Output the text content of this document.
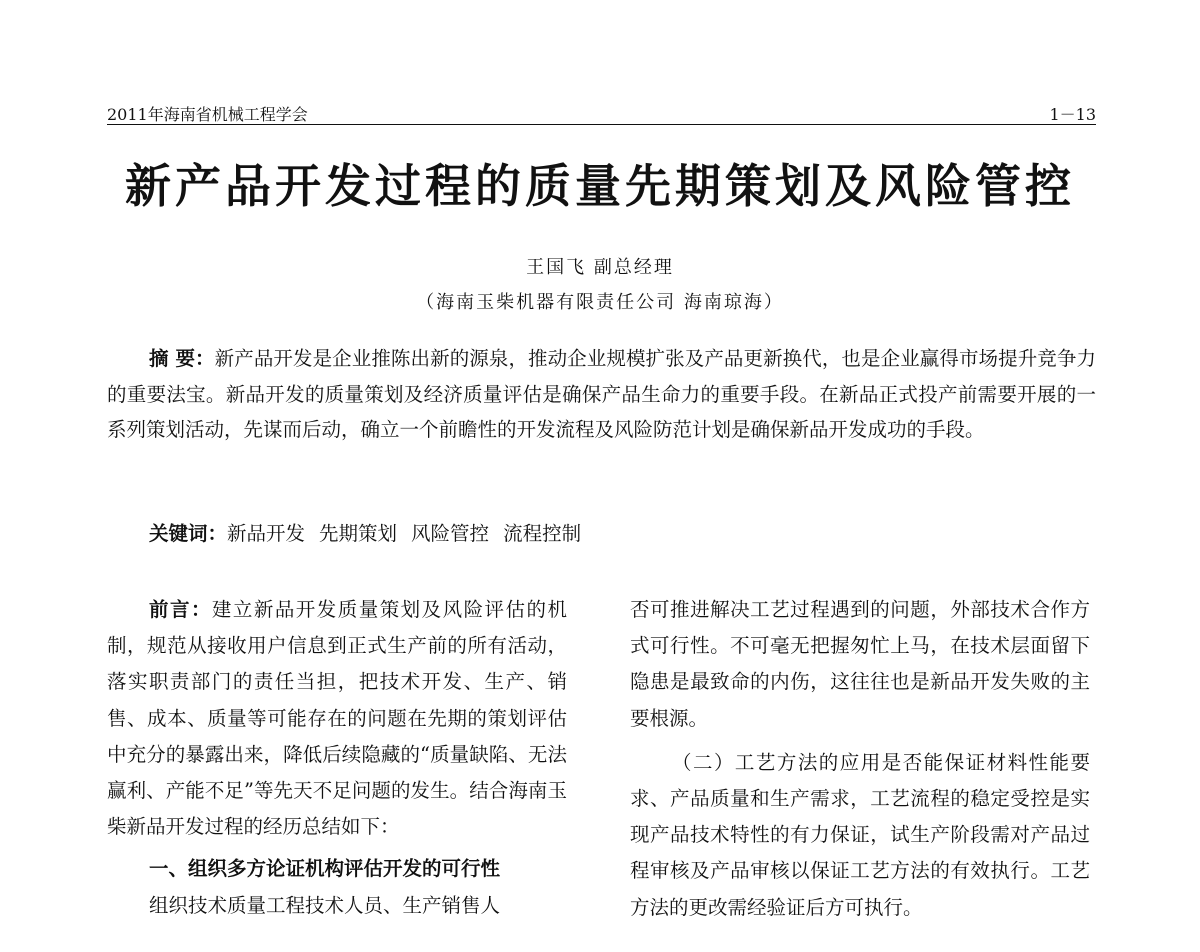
2011年海南省机械工程学会	1－13
新产品开发过程的质量先期策划及风险管控
王国飞 副总经理
（海南玉柴机器有限责任公司 海南琼海）
摘 要：新产品开发是企业推陈出新的源泉，推动企业规模扩张及产品更新换代，也是企业赢得市场提升竞争力的重要法宝。新品开发的质量策划及经济质量评估是确保产品生命力的重要手段。在新品正式投产前需要开展的一系列策划活动，先谋而后动，确立一个前瞻性的开发流程及风险防范计划是确保新品开发成功的手段。
关键词：新品开发 先期策划 风险管控 流程控制

前言：建立新品开发质量策划及风险评估的机制，规范从接收用户信息到正式生产前的所有活动，落实职责部门的责任当担，把技术开发、生产、销售、成本、质量等可能存在的问题在先期的策划评估中充分的暴露出来，降低后续隐藏的“质量缺陷、无法赢利、产能不足”等先天不足问题的发生。结合海南玉柴新品开发过程的经历总结如下：

一、组织多方论证机构评估开发的可行性

组织技术质量工程技术人员、生产销售人

否可推进解决工艺过程遇到的问题，外部技术合作方式可行性。不可毫无把握匆忙上马，在技术层面留下隐患是最致命的内伤，这往往也是新品开发失败的主要根源。

（二）工艺方法的应用是否能保证材料性能要求、产品质量和生产需求，工艺流程的稳定受控是实现产品技术特性的有力保证，试生产阶段需对产品过程审核及产品审核以保证工艺方法的有效执行。工艺方法的更改需经验证后方可执行。
